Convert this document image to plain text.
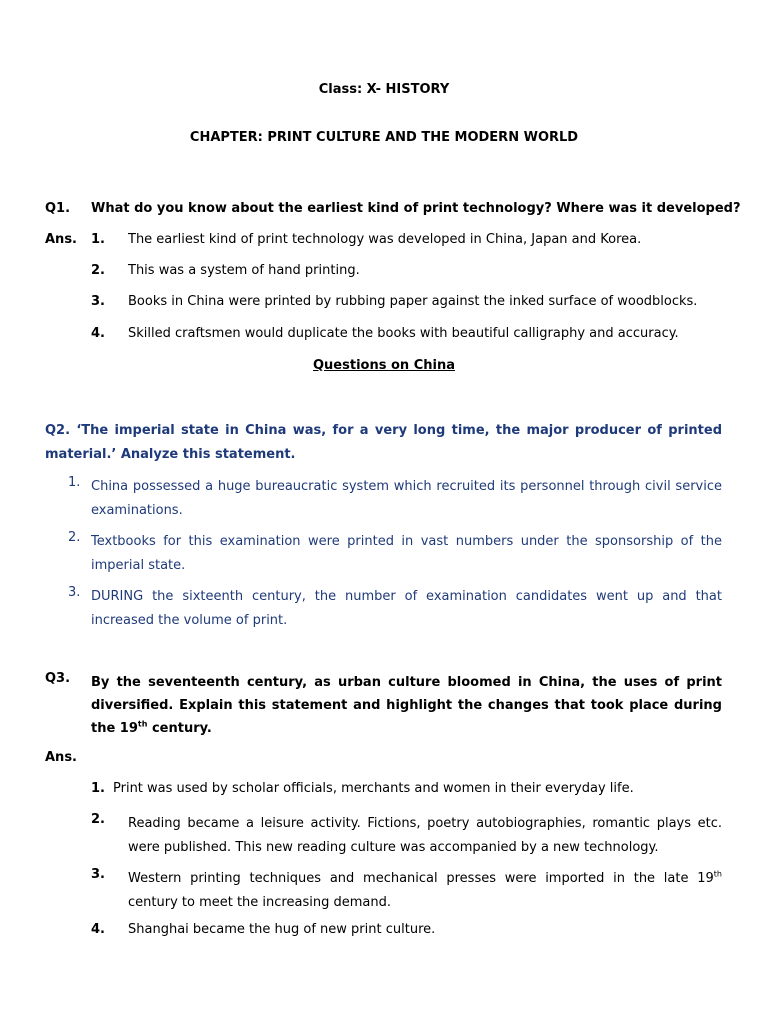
Class: X- HISTORY
CHAPTER: PRINT CULTURE AND THE MODERN WORLD
Q1. What do you know about the earliest kind of print technology? Where was it developed?
Ans. 1. The earliest kind of print technology was developed in China, Japan and Korea.
2. This was a system of hand printing.
3. Books in China were printed by rubbing paper against the inked surface of woodblocks.
4. Skilled craftsmen would duplicate the books with beautiful calligraphy and accuracy.
Questions on China
Q2. ‘The imperial state in China was, for a very long time, the major producer of printed material.’ Analyze this statement.
1. China possessed a huge bureaucratic system which recruited its personnel through civil service examinations.
2. Textbooks for this examination were printed in vast numbers under the sponsorship of the imperial state.
3. DURING the sixteenth century, the number of examination candidates went up and that increased the volume of print.
Q3. By the seventeenth century, as urban culture bloomed in China, the uses of print diversified. Explain this statement and highlight the changes that took place during the 19th century.
Ans.
1. Print was used by scholar officials, merchants and women in their everyday life.
2. Reading became a leisure activity. Fictions, poetry autobiographies, romantic plays etc. were published. This new reading culture was accompanied by a new technology.
3. Western printing techniques and mechanical presses were imported in the late 19th century to meet the increasing demand.
4. Shanghai became the hug of new print culture.
